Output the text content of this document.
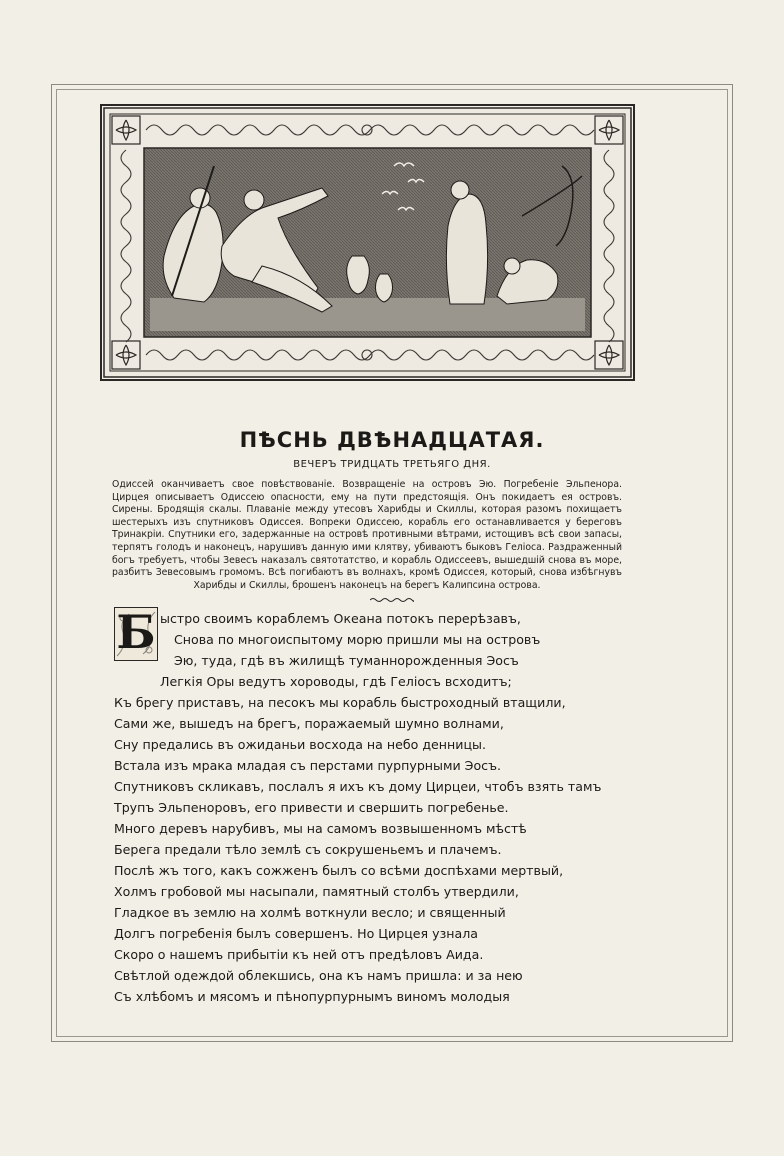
ПѢСНЬ ДВѢНАДЦАТАЯ.
ВЕЧЕРЪ ТРИДЦАТЬ ТРЕТЬЯГО ДНЯ.
Одиссей оканчиваетъ свое повѣствованіе. Возвращеніе на островъ Эю. Погребеніе Эльпенора. Цирцея описываетъ Одиссею опасности, ему на пути предстоящія. Онъ покидаетъ ея островъ. Сирены. Бродящія скалы. Плаваніе между утесовъ Харибды и Скиллы, которая разомъ похищаетъ шестерыхъ изъ спутниковъ Одиссея. Вопреки Одиссею, корабль его останавливается у береговъ Тринакріи. Спутники его, задержанные на островѣ противными вѣтрами, истощивъ всѣ свои запасы, терпятъ голодъ и наконецъ, нарушивъ данную ими клятву, убиваютъ быковъ Геліоса. Раздраженный богъ требуетъ, чтобы Зевесъ наказалъ святотатство, и корабль Одиссеевъ, вышедшій снова въ море, разбитъ Зевесовымъ громомъ. Всѣ погибаютъ въ волнахъ, кромѣ Одиссея, который, снова избѣгнувъ Харибды и Скиллы, брошенъ наконецъ на берегъ Калипсина острова.
Б ыстро своимъ кораблемъ Океана потокъ перерѣзавъ,
Снова по многоиспытому морю пришли мы на островъ
Эю, туда, гдѣ въ жилищѣ туманнорожденныя Эосъ
Легкія Оры ведутъ хороводы, гдѣ Геліосъ всходитъ;
Къ брегу приставъ, на песокъ мы корабль быстроходный втащили,
Сами же, вышедъ на брегъ, поражаемый шумно волнами,
Сну предались въ ожиданьи восхода на небо денницы.
Встала изъ мрака младая съ перстами пурпурными Эосъ.
Спутниковъ скликавъ, послалъ я ихъ къ дому Цирцеи, чтобъ взять тамъ
Трупъ Эльпеноровъ, его привести и свершить погребенье.
Много деревъ нарубивъ, мы на самомъ возвышенномъ мѣстѣ
Берега предали тѣло землѣ съ сокрушеньемъ и плачемъ.
Послѣ жъ того, какъ сожженъ былъ со всѣми доспѣхами мертвый,
Холмъ гробовой мы насыпали, памятный столбъ утвердили,
Гладкое въ землю на холмѣ воткнули весло; и священный
Долгъ погребенія былъ совершенъ. Но Цирцея узнала
Скоро о нашемъ прибытіи къ ней отъ предѣловъ Аида.
Свѣтлой одеждой облекшись, она къ намъ пришла: и за нею
Съ хлѣбомъ и мясомъ и пѣнопурпурнымъ виномъ молодыя
